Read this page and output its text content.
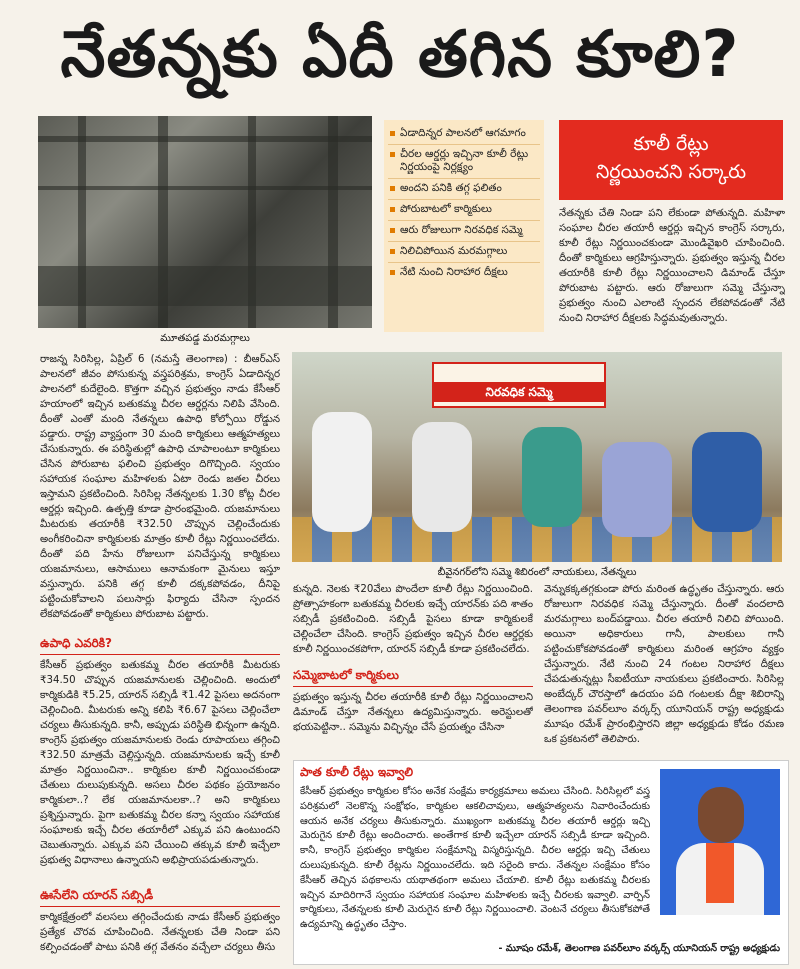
నేతన్నకు ఏదీ తగిన కూలి?
మూతపడ్డ మరమగ్గాలు
ఏడాదిన్నర పాలనలో ఆగమాగం
చీరల ఆర్డర్లు ఇచ్చినా కూలీ రేట్లు నిర్ణయంపై నిర్లక్ష్యం
అందని పనికి తగ్గ ఫలితం
పోరుబాటలో కార్మికులు
ఆరు రోజులుగా నిరవధిక సమ్మె
నిలిచిపోయిన మరమగ్గాలు
నేటి నుంచి నిరాహార దీక్షలు
కూలీ రేట్లు
నిర్ణయించని సర్కారు
నేతన్నకు చేతి నిండా పని లేకుండా పోతున్నది. మహిళా సంఘాల చీరల తయారీ ఆర్డర్లు ఇచ్చిన కాంగ్రెస్ సర్కారు, కూలీ రేట్లు నిర్ణయించకుండా మొండివైఖరి చూపించింది. దీంతో కార్మికులు ఆగ్రహిస్తున్నారు. ప్రభుత్వం ఇస్తున్న చీరల తయారీకి కూలీ రేట్లు నిర్ణయించాలని డిమాండ్ చేస్తూ పోరుబాట పట్టారు. ఆరు రోజులుగా సమ్మె చేస్తున్నా ప్రభుత్వం నుంచి ఎలాంటి స్పందన లేకపోవడంతో నేటి నుంచి నిరాహార దీక్షలకు సిద్ధమవుతున్నారు.
నిరవధిక సమ్మె
బీవైనగర్‌లోని సమ్మె శిబిరంలో నాయకులు, నేతన్నలు
రాజన్న సిరిసిల్ల, ఏప్రిల్ 6 (నమస్తే తెలంగాణ) : బీఆర్ఎస్ పాలనలో జీవం పోసుకున్న వస్త్రపరిశ్రమ, కాంగ్రెస్ ఏడాదిన్నర పాలనలో కుదేలైంది. కొత్తగా వచ్చిన ప్రభుత్వం నాడు కేసీఆర్ హయాంలో ఇచ్చిన బతుకమ్మ చీరల ఆర్డర్లను నిలిపి వేసింది. దీంతో ఎంతో మంది నేతన్నలు ఉపాధి కోల్పోయి రోడ్డున పడ్డారు. రాష్ట్ర వ్యాప్తంగా 30 మంది కార్మికులు ఆత్మహత్యలు చేసుకున్నారు. ఈ పరిస్థితుల్లో ఉపాధి చూపాలంటూ కార్మికులు చేసిన పోరుబాట ఫలించి ప్రభుత్వం దిగొచ్చింది. స్వయం సహాయక సంఘాల మహిళలకు ఏటా రెండు జతల చీరలు ఇస్తామని ప్రకటించింది. సిరిసిల్ల నేతన్నలకు 1.30 కోట్ల చీరల ఆర్డర్లు ఇచ్చింది. ఉత్పత్తి కూడా ప్రారంభమైంది. యజమానులు మీటరుకు తయారీకి ₹32.50 చొప్పున చెల్లించేందుకు అంగీకరించినా కార్మికులకు మాత్రం కూలీ రేట్లు నిర్ణయించలేదు. దీంతో పది హేను రోజులుగా పనిచేస్తున్న కార్మికులు యజమానులు, ఆసాములు ఆనామకంగా మైనులు ఇస్తూ వస్తున్నారు. పనికి తగ్గ కూలీ దక్కకపోవడం, దీనిపై పట్టించుకోవాలని పలుసార్లు ఫిర్యాదు చేసినా స్పందన లేకపోవడంతో కార్మికులు పోరుబాట పట్టారు.
ఉపాధి ఎవరికి?
కేసీఆర్ ప్రభుత్వం బతుకమ్మ చీరల తయారీకి మీటరుకు ₹34.50 చొప్పున యజమానులకు చెల్లించింది. అందులో కార్మికుడికి ₹5.25, యారన్ సబ్సిడీ ₹1.42 పైసలు అదనంగా చెల్లించింది. మీటరుకు అన్ని కలిపి ₹6.67 పైసలు చెల్లించేలా చర్యలు తీసుకున్నది. కానీ, అప్పుడు పరిస్థితి భిన్నంగా ఉన్నది. కాంగ్రెస్ ప్రభుత్వం యజమానులకు రెండు రూపాయలు తగ్గించి ₹32.50 మాత్రమే చెల్లిస్తున్నది. యజమానులకు ఇచ్చే కూలీ మాత్రం నిర్ణయించినా.. కార్మికుల కూలీ నిర్ణయించకుండా చేతులు దులుపుకున్నది. అసలు చీరల పథకం ప్రయోజనం కార్మికులా..? లేక యజమానులకా..? అని కార్మికులు ప్రశ్నిస్తున్నారు. పైగా బతుకమ్మ చీరల కన్నా స్వయం సహాయక సంఘాలకు ఇచ్చే చీరల తయారీలో ఎక్కువ పని ఉంటుందని చెబుతున్నారు. ఎక్కువ పని చేయించి తక్కువ కూలీ ఇచ్చేలా ప్రభుత్వ విధానాలు ఉన్నాయని అభిప్రాయపడుతున్నారు.
ఊసేలేని యారన్ సబ్సిడీ
కార్మికక్షేత్రంలో వలసలు తగ్గించేందుకు నాడు కేసీఆర్ ప్రభుత్వం ప్రత్యేక చొరవ చూపించింది. నేతన్నలకు చేతి నిండా పని కల్పించడంతో పాటు పనికి తగ్గ వేతనం వచ్చేలా చర్యలు తీసు
కున్నది. నెలకు ₹20వేలు పొందేలా కూలీ రేట్లు నిర్ణయించింది. ప్రోత్సాహకంగా బతుకమ్మ చీరలకు ఇచ్చే యారన్‌కు పది శాతం సబ్సిడీ ప్రకటించింది. సబ్సిడీ పైసలు కూడా కార్మికులకే చెల్లించేలా చేసింది. కాంగ్రెస్ ప్రభుత్వం ఇచ్చిన చీరల ఆర్డర్లకు కూలీ నిర్ణయించకపోగా, యారన్ సబ్సిడీ కూడా ప్రకటించలేదు.
సమ్మెబాటలో కార్మికులు
ప్రభుత్వం ఇస్తున్న చీరల తయారీకి కూలీ రేట్లు నిర్ణయించాలని డిమాండ్ చేస్తూ నేతన్నలు ఉద్యమిస్తున్నారు. అరెస్టులతో భయపెట్టినా.. సమ్మెను విచ్ఛిన్నం చేసే ప్రయత్నం చేసినా
వెన్నుకక్కతగ్గకుండా పోరు మరింత ఉద్ధృతం చేస్తున్నారు. ఆరు రోజులుగా నిరవధిక సమ్మె చేస్తున్నారు. దీంతో వందలాది మరమగ్గాలు బంద్‌పడ్డాయి. చీరల తయారీ నిలిచి పోయింది. అయినా అధికారులు గానీ, పాలకులు గానీ పట్టించుకోకపోవడంతో కార్మికులు మరింత ఆగ్రహం వ్యక్తం చేస్తున్నారు. నేటి నుంచి 24 గంటల నిరాహార దీక్షలు చేపడుతున్నట్లు సీఐటీయూ నాయకులు ప్రకటించారు. సిరిసిల్ల అంబేద్కర్ చౌరస్తాలో ఉదయం పది గంటలకు దీక్షా శిబిరాన్ని తెలంగాణ పవర్‌లూం వర్కర్స్ యూనియన్ రాష్ట్ర అధ్యక్షుడు మూషం రమేశ్ ప్రారంభిస్తారని జిల్లా అధ్యక్షుడు కోడం రమణ ఒక ప్రకటనలో తెలిపారు.
పాత కూలీ రేట్లు ఇవ్వాలి
కేసీఆర్ ప్రభుత్వం కార్మికుల కోసం అనేక సంక్షేమ కార్యక్రమాలు అమలు చేసింది. సిరిసిల్లలో వస్త్ర పరిశ్రమలో నెలకొన్న సంక్షోభం, కార్మికుల ఆకలిచావులు, ఆత్మహత్యలను నివారించేందుకు ఆయన అనేక చర్యలు తీసుకున్నారు. ముఖ్యంగా బతుకమ్మ చీరల తయారీ ఆర్డర్లు ఇచ్చి మెరుగైన కూలీ రేట్లు అందించారు. అంతేగాక కూలీ ఇచ్చేలా యారన్ సబ్సిడీ కూడా ఇచ్చింది. కానీ, కాంగ్రెస్ ప్రభుత్వం కార్మికుల సంక్షేమాన్ని విస్మరిస్తున్నది. చీరల ఆర్డర్లు ఇచ్చి చేతులు దులుపుకున్నది. కూలీ రేట్లను నిర్ణయించలేదు. ఇది సరైంది కాదు. నేతన్నల సంక్షేమం కోసం కేసీఆర్ తెచ్చిన పథకాలను యథాతథంగా అమలు చేయాలి. కూలీ రేట్లు బతుకమ్మ చీరలకు ఇచ్చిన మాదిరిగానే స్వయం సహాయక సంఘాల మహిళలకు ఇచ్చే చీరలకు ఇవ్వాలి. వార్పిన్ కార్మికులు, నేతన్నలకు కూలీ మెరుగైన కూలీ రేట్లు నిర్ణయించాలి. వెంటనే చర్యలు తీసుకోకపోతే ఉద్యమాన్ని ఉద్ధృతం చేస్తాం.
- మూషం రమేశ్, తెలంగాణ పవర్‌లూం వర్కర్స్ యూనియన్ రాష్ట్ర అధ్యక్షుడు
